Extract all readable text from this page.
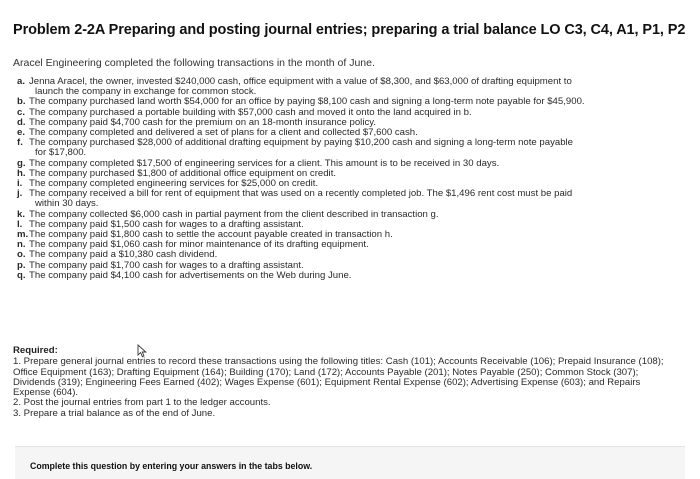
Problem 2-2A Preparing and posting journal entries; preparing a trial balance LO C3, C4, A1, P1, P2
Aracel Engineering completed the following transactions in the month of June.
a. Jenna Aracel, the owner, invested $240,000 cash, office equipment with a value of $8,300, and $63,000 of drafting equipment to
launch the company in exchange for common stock.
b. The company purchased land worth $54,000 for an office by paying $8,100 cash and signing a long-term note payable for $45,900.
c. The company purchased a portable building with $57,000 cash and moved it onto the land acquired in b.
d. The company paid $4,700 cash for the premium on an 18-month insurance policy.
e. The company completed and delivered a set of plans for a client and collected $7,600 cash.
f. The company purchased $28,000 of additional drafting equipment by paying $10,200 cash and signing a long-term note payable
for $17,800.
g. The company completed $17,500 of engineering services for a client. This amount is to be received in 30 days.
h. The company purchased $1,800 of additional office equipment on credit.
i. The company completed engineering services for $25,000 on credit.
j. The company received a bill for rent of equipment that was used on a recently completed job. The $1,496 rent cost must be paid
within 30 days.
k. The company collected $6,000 cash in partial payment from the client described in transaction g.
l. The company paid $1,500 cash for wages to a drafting assistant.
m. The company paid $1,800 cash to settle the account payable created in transaction h.
n. The company paid $1,060 cash for minor maintenance of its drafting equipment.
o. The company paid a $10,380 cash dividend.
p. The company paid $1,700 cash for wages to a drafting assistant.
q. The company paid $4,100 cash for advertisements on the Web during June.
Required:
1. Prepare general journal entries to record these transactions using the following titles: Cash (101); Accounts Receivable (106); Prepaid Insurance (108); Office Equipment (163); Drafting Equipment (164); Building (170); Land (172); Accounts Payable (201); Notes Payable (250); Common Stock (307); Dividends (319); Engineering Fees Earned (402); Wages Expense (601); Equipment Rental Expense (602); Advertising Expense (603); and Repairs Expense (604).
2. Post the journal entries from part 1 to the ledger accounts.
3. Prepare a trial balance as of the end of June.
Complete this question by entering your answers in the tabs below.
